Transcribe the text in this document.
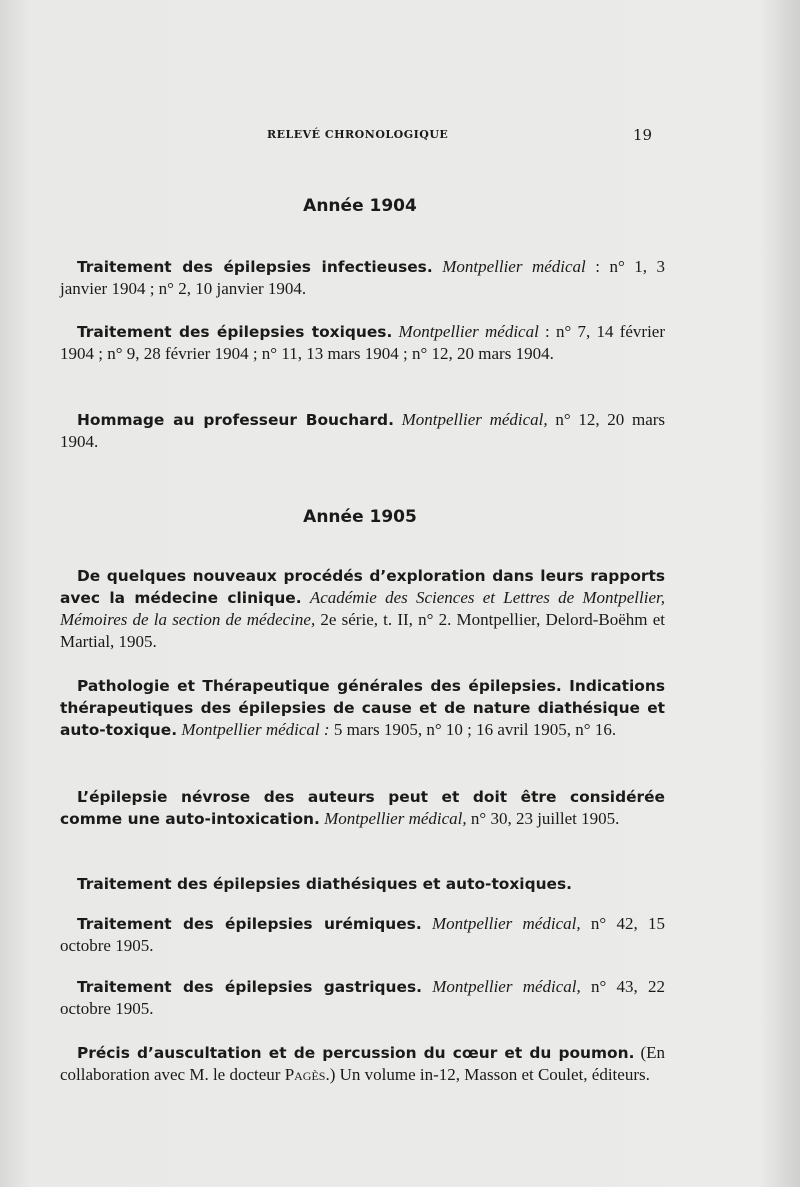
RELEVÉ CHRONOLOGIQUE	19
Année 1904
Traitement des épilepsies infectieuses. Montpellier médical : n° 1, 3 janvier 1904 ; n° 2, 10 janvier 1904.
Traitement des épilepsies toxiques. Montpellier médical : n° 7, 14 février 1904 ; n° 9, 28 février 1904 ; n° 11, 13 mars 1904 ; n° 12, 20 mars 1904.
Hommage au professeur Bouchard. Montpellier médical, n° 12, 20 mars 1904.
Année 1905
De quelques nouveaux procédés d’exploration dans leurs rapports avec la médecine clinique. Académie des Sciences et Lettres de Montpellier, Mémoires de la section de médecine, 2e série, t. II, n° 2. Montpellier, Delord-Boëhm et Martial, 1905.
Pathologie et Thérapeutique générales des épilepsies. Indications thérapeutiques des épilepsies de cause et de nature diathésique et auto-toxique. Montpellier médical : 5 mars 1905, n° 10 ; 16 avril 1905, n° 16.
L’épilepsie névrose des auteurs peut et doit être considérée comme une auto-intoxication. Montpellier médical, n° 30, 23 juillet 1905.
Traitement des épilepsies diathésiques et auto-toxiques.
Traitement des épilepsies urémiques. Montpellier médical, n° 42, 15 octobre 1905.
Traitement des épilepsies gastriques. Montpellier médical, n° 43, 22 octobre 1905.
Précis d’auscultation et de percussion du cœur et du poumon. (En collaboration avec M. le docteur Pagès.) Un volume in-12, Masson et Coulet, éditeurs.
